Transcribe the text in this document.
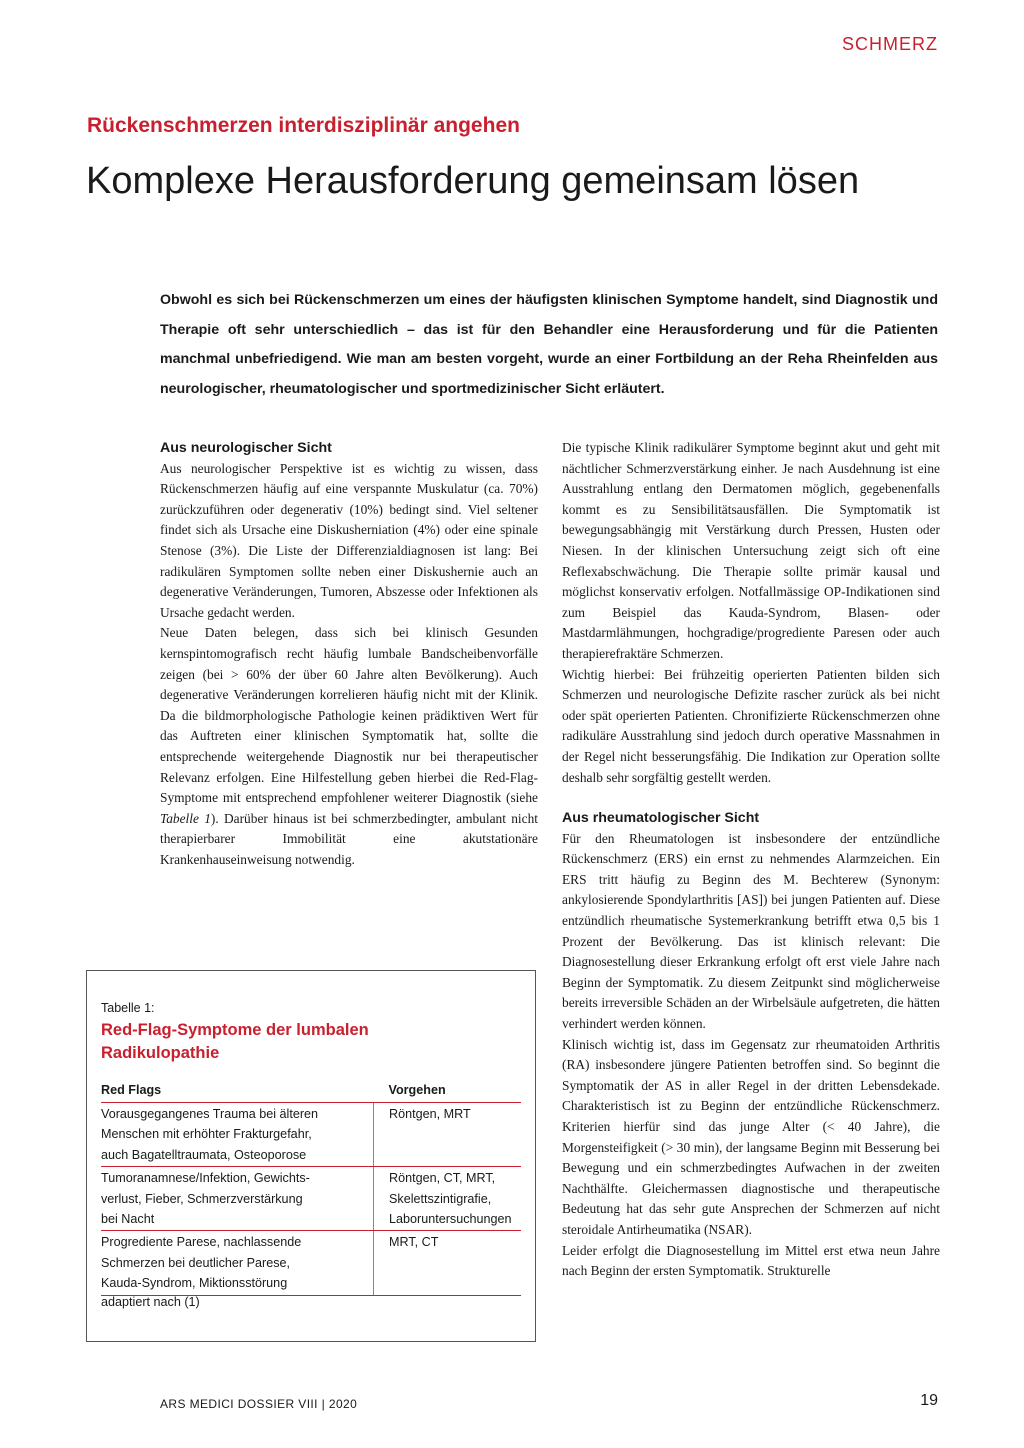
SCHMERZ
Rückenschmerzen interdisziplinär angehen
Komplexe Herausforderung gemeinsam lösen

Obwohl es sich bei Rückenschmerzen um eines der häufigsten klinischen Symptome handelt, sind Diagnostik und Therapie oft sehr unterschiedlich – das ist für den Behandler eine Herausforderung und für die Patienten manchmal unbefriedigend. Wie man am besten vorgeht, wurde an einer Fortbildung an der Reha Rheinfelden aus neurologischer, rheumatologischer und sportmedizinischer Sicht erläutert.

Aus neurologischer Sicht

Aus neurologischer Perspektive ist es wichtig zu wissen, dass Rückenschmerzen häufig auf eine verspannte Muskulatur (ca. 70%) zurückzuführen oder degenerativ (10%) bedingt sind. Viel seltener findet sich als Ursache eine Diskusherniation (4%) oder eine spinale Stenose (3%). Die Liste der Differenzialdiagnosen ist lang: Bei radikulären Symptomen sollte neben einer Diskushernie auch an degenerative Veränderungen, Tumoren, Abszesse oder Infektionen als Ursache gedacht werden.

Neue Daten belegen, dass sich bei klinisch Gesunden kernspintomografisch recht häufig lumbale Bandscheibenvorfälle zeigen (bei > 60% der über 60 Jahre alten Bevölkerung). Auch degenerative Veränderungen korrelieren häufig nicht mit der Klinik. Da die bildmorphologische Pathologie keinen prädiktiven Wert für das Auftreten einer klinischen Symptomatik hat, sollte die entsprechende weitergehende Diagnostik nur bei therapeutischer Relevanz erfolgen. Eine Hilfestellung geben hierbei die Red-Flag-Symptome mit entsprechend empfohlener weiterer Diagnostik (siehe Tabelle 1). Darüber hinaus ist bei schmerzbedingter, ambulant nicht therapierbarer Immobilität eine akutstationäre Krankenhauseinweisung notwendig.

Die typische Klinik radikulärer Symptome beginnt akut und geht mit nächtlicher Schmerzverstärkung einher. Je nach Ausdehnung ist eine Ausstrahlung entlang den Dermatomen möglich, gegebenenfalls kommt es zu Sensibilitätsausfällen. Die Symptomatik ist bewegungsabhängig mit Verstärkung durch Pressen, Husten oder Niesen. In der klinischen Untersuchung zeigt sich oft eine Reflexabschwächung. Die Therapie sollte primär kausal und möglichst konservativ erfolgen. Notfallmässige OP-Indikationen sind zum Beispiel das Kauda-Syndrom, Blasen- oder Mastdarmlähmungen, hochgradige/progrediente Paresen oder auch therapierefraktäre Schmerzen.

Wichtig hierbei: Bei frühzeitig operierten Patienten bilden sich Schmerzen und neurologische Defizite rascher zurück als bei nicht oder spät operierten Patienten. Chronifizierte Rückenschmerzen ohne radikuläre Ausstrahlung sind jedoch durch operative Massnahmen in der Regel nicht besserungsfähig. Die Indikation zur Operation sollte deshalb sehr sorgfältig gestellt werden.

Aus rheumatologischer Sicht

Für den Rheumatologen ist insbesondere der entzündliche Rückenschmerz (ERS) ein ernst zu nehmendes Alarmzeichen. Ein ERS tritt häufig zu Beginn des M. Bechterew (Synonym: ankylosierende Spondylarthritis [AS]) bei jungen Patienten auf. Diese entzündlich rheumatische Systemerkrankung betrifft etwa 0,5 bis 1 Prozent der Bevölkerung. Das ist klinisch relevant: Die Diagnosestellung dieser Erkrankung erfolgt oft erst viele Jahre nach Beginn der Symptomatik. Zu diesem Zeitpunkt sind möglicherweise bereits irreversible Schäden an der Wirbelsäule aufgetreten, die hätten verhindert werden können.

Klinisch wichtig ist, dass im Gegensatz zur rheumatoiden Arthritis (RA) insbesondere jüngere Patienten betroffen sind. So beginnt die Symptomatik der AS in aller Regel in der dritten Lebensdekade. Charakteristisch ist zu Beginn der entzündliche Rückenschmerz. Kriterien hierfür sind das junge Alter (< 40 Jahre), die Morgensteifigkeit (> 30 min), der langsame Beginn mit Besserung bei Bewegung und ein schmerzbedingtes Aufwachen in der zweiten Nachthälfte. Gleichermassen diagnostische und therapeutische Bedeutung hat das sehr gute Ansprechen der Schmerzen auf nicht steroidale Antirheumatika (NSAR).

Leider erfolgt die Diagnosestellung im Mittel erst etwa neun Jahre nach Beginn der ersten Symptomatik. Strukturelle

Tabelle 1:
Red-Flag-Symptome der lumbalen Radikulopathie
Red Flags	Vorgehen
Vorausgegangenes Trauma bei älteren
Menschen mit erhöhter Frakturgefahr,
auch Bagatelltraumata, Osteoporose	Röntgen, MRT
Tumoranamnese/Infektion, Gewichts-
verlust, Fieber, Schmerzverstärkung
bei Nacht	Röntgen, CT, MRT,
Skelettszintigrafie,
Laboruntersuchungen
Progrediente Parese, nachlassende
Schmerzen bei deutlicher Parese,
Kauda-Syndrom, Miktionsstörung	MRT, CT
adaptiert nach (1)
ARS MEDICI DOSSIER VIII | 2020	19
